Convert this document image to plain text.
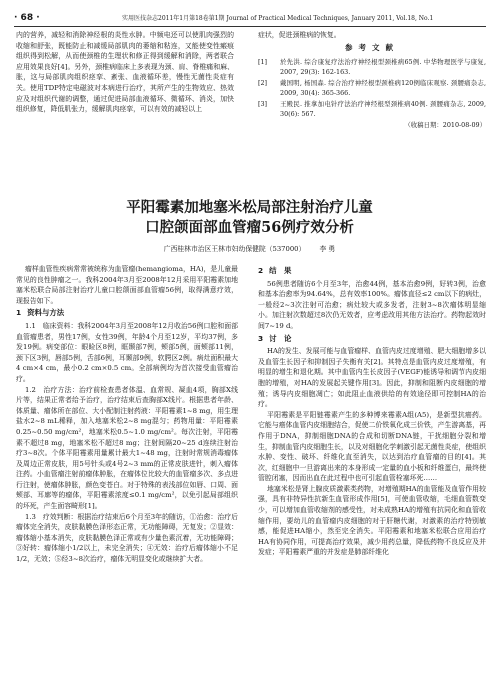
· 68 ·	实用医技杂志2011年1月第18卷第1期 Journal of Practical Medical Techniques, January 2011, Vol.18, No.1

内的营养，减轻和消除神经根的炎性水肿。中频电还可以使肌肉强烈的收缩和舒张，既能防止和减缓局部肌肉的萎缩和粘连，又能使变性瘢痕组织得到松解，从而使颈椎的生理状和修正得到缓解和消除，两者联合应用效果良好[4]。另外，颈椎病临床上多表现为颈、肩、脊椎痛和麻、胀，这与局部肌肉组织痉挛、紊张、血液循环差，慢性无菌性炎症有关。使用TDP特定电磁波对本病进行治疗，其所产生的生物效应、热效应及对组织代谢的调整，通过促进局部血液循环、微循环、消炎，加快组织修复，降低肌张力，缓解肌肉痉挛，可以有效的减轻以上

症状，促进颈椎病的恢复。

参考文献
[1]	於先洪. 综合康复疗法治疗神经根型颈椎病65例. 中华物理医学与康复, 2007, 29(3): 162-163.
[2]	戴国明, 杨国森. 综合治疗神经根型颈椎病120例临床观察. 颈腰痛杂志, 2009, 30(4): 365-366.
[3]	王殿民. 推拿加电针疗法治疗神经根型颈椎病40例. 颈腰痛杂志, 2009, 30(6): 567.
（收稿日期：2010-08-09）
平阳霉素加地塞米松局部注射治疗儿童
口腔颌面部血管瘤56例疗效分析
广西桂林市治区王林市妇幼保健院（537000） 李 勇

瘤样血管性疾病常常被统称为血管瘤(hemangioma，HA)，是儿童最常见的良性肿瘤之一。我科2004年3月至2008年12月采用平阳霉素加地塞米松联合局部注射治疗儿童口腔颌面部血管瘤56例，取得满意疗效，现报告如下。

1 资料与方法

1.1　临床资料：我科2004年3月至2008年12月收治56例口腔和面部血管瘤患者，男性17例，女性39例，年龄4个月至12岁，平均37例，多发19例。病变部位：眼睑区8例，眶颞部7例，颊部5例，面颊部11例，颈下区3例，唇部5例，舌部6例，耳颞部9例，软腭区2例。病灶面积最大4 cm×4 cm，最小0.2 cm×0.5 cm。全部病例均为首次接受血管瘤治疗。

1.2　治疗方法：治疗前检查患者体温、血常规、凝血4项，胸部X线片等，结果正常者给予治疗，治疗结束后查胸部X线片。根据患者年龄、体质量、瘤体所在部位、大小配制注射药液：平阳霉素1~8 mg，用生理盐水2~8 mL稀释，加入地塞米松2~8 mg混匀；药物用量：平阳霉素0.25~0.50 mg/cm²，地塞米松0.5~1.0 mg/cm²。每次注射，平阳霉素不超过8 mg，地塞米松不超过8 mg；注射间隔20~25 d连续注射治疗3~8次。个体平阳霉素用量累计最大1~48 mg，注射时常规消毒瘤体及周边正常皮肤，用5号针头或4号2~3 mm的正常皮肤进针，刺入瘤体注药。小血管瘤注射前瘤体肿胀，在瘤体位比较大的血管瘤多次、多点进行注射，使瘤体肿胀，颜色变苍白。对于特殊的表浅部位如唇、口周、面颊部、耳廓等的瘤体，平阳霉素浓度≤0.1 mg/cm²，以免引起局部组织的坏死，产生面容畸形[1]。

1.3　疗效判断：根据治疗结束后6个月至3年的随访，①治愈：治疗后瘤体完全消失，皮肤黏膜色泽形态正常，无功能障碍，无复发；②显效：瘤体缩小基本消失，皮肤黏膜色泽正常或有少量色素沉着，无功能障碍；③好转：瘤体缩小1/2以上，未完全消失；④无效：治疗后瘤体缩小不足1/2，无效；⑤经3~8次治疗，瘤体无明显变化或继续扩大者。

2 结　果

56例患者随访6个月至3年，治愈44例，基本治愈9例，好转3例，治愈和基本治愈率为94.64%，总有效率100%。瘤体直径≤2 cm以下的病灶，一般经2~3次注射可治愈；病灶较大或多发者，注射3~8次瘤体明显缩小。加注射次数超过8次仍无效者，应考虑改用其他方法治疗。药物起效时间7~19 d。

3 讨　论

HA的发生、发展可能与血管瘤样、血管内皮过度增殖、肥大细胞增多以及血管生长因子和抑制因子失衡有关[2]。其特点是血管内皮过度增殖，有明显的增生和退化期。其中血管内生长皮因子(VEGF)能诱导和调节内皮细胞的增殖，对HA的发展起关键作用[3]。因此，抑制和阻断内皮细胞的增殖；诱导内皮细胞凋亡；如此阻止血液供给的有效途径即可控制HA的治疗。

平阳霉素是平阳链霉素产生的多种博来霉素A组(A5)，是新型抗癌药。它能与癌体血管内皮细胞结合，促使二价铁氧化成三价铁，产生游离基，再作用于DNA，抑制细胞DNA的合成和切断DNA链，干扰细胞分裂和增生，抑制血管内皮细胞生长，以及对细胞化学刺激引起无菌性炎症，使组织水肿、变性、破坏、纤维化直至消失，以达到治疗血管瘤的目的[4]。其次，红细胞中一旦游离出来的本身形成一定量的血小板和纤维蛋白，最终使管腔闭塞，因而出血在此过程中也可引起血管栓塞坏死……

地塞米松是肾上腺皮质激素类药物，对增殖期HA的血管能及血管作用较强，具有非特异性抗新生血管形成作用[5]，可使血管收缩，毛细血管数变少，可以增加血管收缩剂的感受性，对未成熟HA的增殖有抗同化和血管收缩作用，要幼儿的血管瘤内皮细胞的对于肝糖代谢，对激素的治疗特别敏感，能促进HA缩小，然至完全消失。平阳霉素和地塞米松联合应用治疗HA有协同作用，可提高治疗效果，减少用药总量，降低药物不良反应及并发症；平阳霉素严重的并发症是肺部纤维化
